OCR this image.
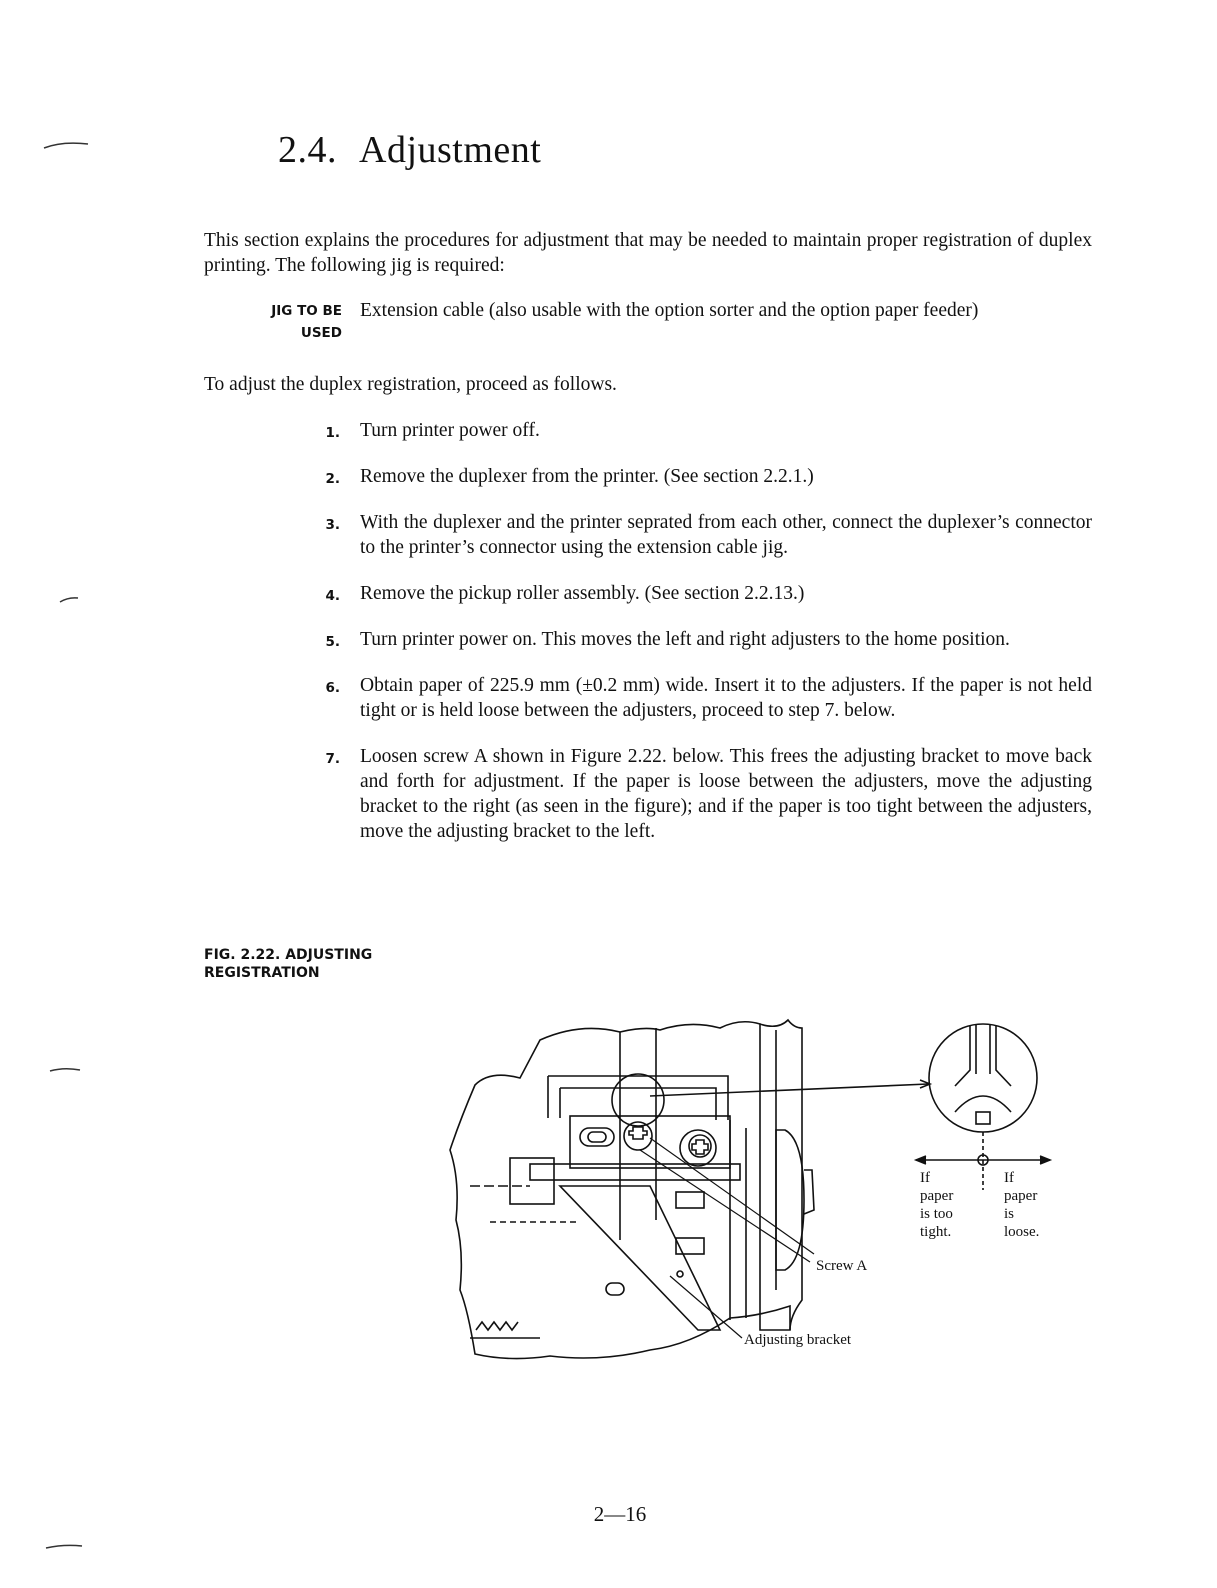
2.4. Adjustment

This section explains the procedures for adjustment that may be needed to maintain proper registration of duplex printing. The following jig is required:

JIG TO BE
USED

Extension cable (also usable with the option sorter and the option paper feeder)

To adjust the duplex registration, proceed as follows.

1. Turn printer power off.
2. Remove the duplexer from the printer. (See section 2.2.1.)
3. With the duplexer and the printer seprated from each other, connect the duplexer’s connector to the printer’s connector using the extension cable jig.
4. Remove the pickup roller assembly. (See section 2.2.13.)
5. Turn printer power on. This moves the left and right adjusters to the home position.
6. Obtain paper of 225.9 mm (±0.2 mm) wide. Insert it to the adjusters. If the paper is not held tight or is held loose between the adjusters, proceed to step 7. below.
7. Loosen screw A shown in Figure 2.22. below. This frees the adjusting bracket to move back and forth for adjustment. If the paper is loose between the adjusters, move the adjusting bracket to the right (as seen in the figure); and if the paper is too tight between the adjusters, move the adjusting bracket to the left.
FIG. 2.22. ADJUSTING
REGISTRATION
Screw A
Adjusting bracket
If
paper
is too
tight.
If
paper
is
loose.
2—16
